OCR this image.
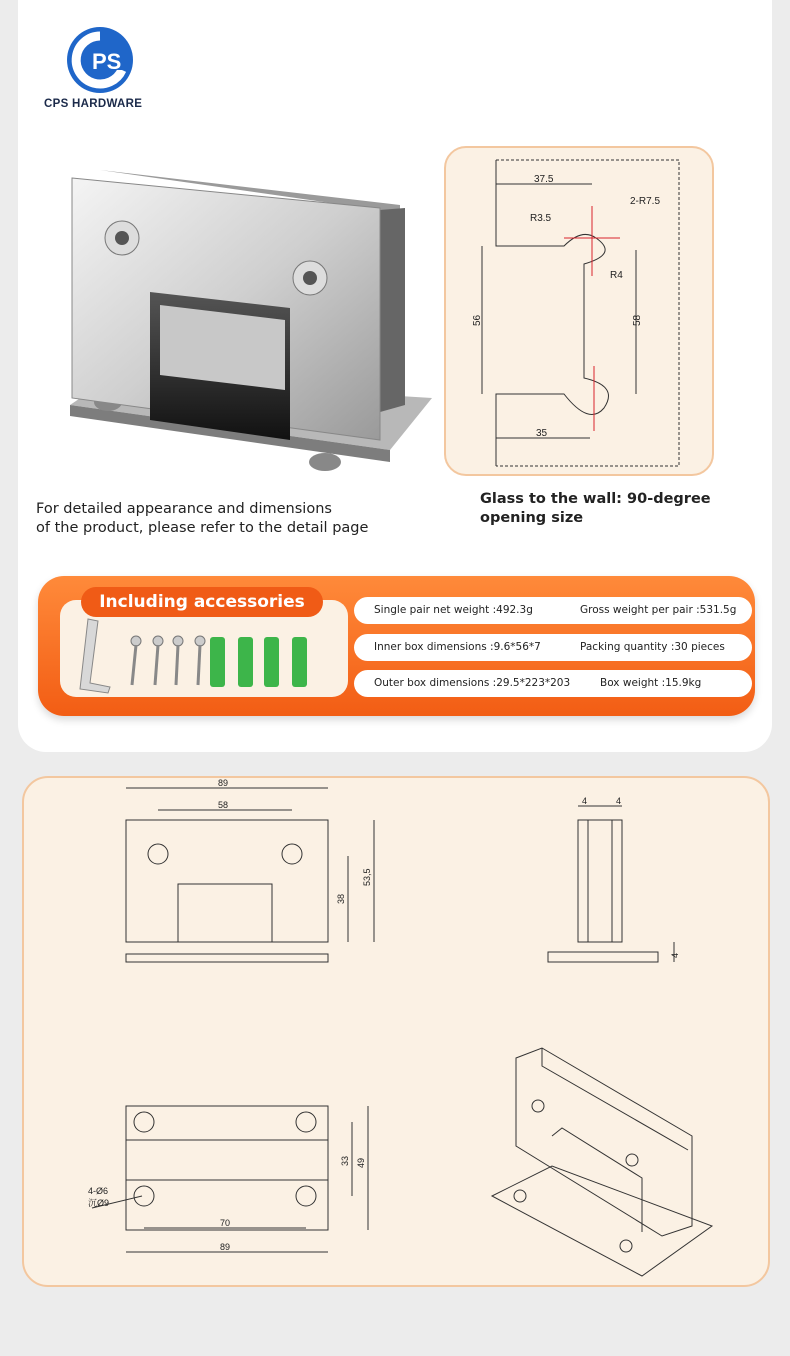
PS
CPS HARDWARE
37.5
R3.5
2-R7.5
R4
56	58
35
For detailed appearance and dimensions
of the product, please refer to the detail page
Glass to the wall: 90-degree
opening size
Including accessories	Single pair net weight :492.3g	Gross weight per pair :531.5g
Inner box dimensions :9.6*56*7	Packing quantity :30 pieces
Outer box dimensions :29.5*223*203	Box weight :15.9kg
89
58
38
53,5
4	4
4
4-Ø6
沉Ø9
33 49
70
89
